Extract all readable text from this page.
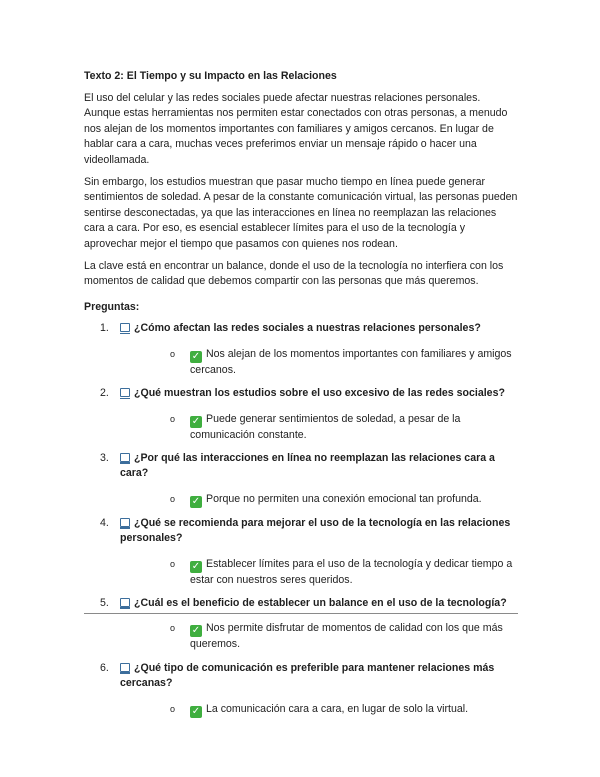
Texto 2: El Tiempo y su Impacto en las Relaciones

El uso del celular y las redes sociales puede afectar nuestras relaciones personales. Aunque estas herramientas nos permiten estar conectados con otras personas, a menudo nos alejan de los momentos importantes con familiares y amigos cercanos. En lugar de hablar cara a cara, muchas veces preferimos enviar un mensaje rápido o hacer una videollamada.

Sin embargo, los estudios muestran que pasar mucho tiempo en línea puede generar sentimientos de soledad. A pesar de la constante comunicación virtual, las personas pueden sentirse desconectadas, ya que las interacciones en línea no reemplazan las relaciones cara a cara. Por eso, es esencial establecer límites para el uso de la tecnología y aprovechar mejor el tiempo que pasamos con quienes nos rodean.

La clave está en encontrar un balance, donde el uso de la tecnología no interfiera con los momentos de calidad que debemos compartir con las personas que más queremos.

Preguntas:
1.	¿Cómo afectan las redes sociales a nuestras relaciones personales?
o ✓ Nos alejan de los momentos importantes con familiares y amigos cercanos.
2.	¿Qué muestran los estudios sobre el uso excesivo de las redes sociales?
o ✓ Puede generar sentimientos de soledad, a pesar de la comunicación constante.
3.	¿Por qué las interacciones en línea no reemplazan las relaciones cara a cara?
o ✓ Porque no permiten una conexión emocional tan profunda.
4.	¿Qué se recomienda para mejorar el uso de la tecnología en las relaciones personales?
o ✓ Establecer límites para el uso de la tecnología y dedicar tiempo a estar con nuestros seres queridos.
5.	¿Cuál es el beneficio de establecer un balance en el uso de la tecnología?
o ✓ Nos permite disfrutar de momentos de calidad con los que más queremos.
6.	¿Qué tipo de comunicación es preferible para mantener relaciones más cercanas?
o ✓ La comunicación cara a cara, en lugar de solo la virtual.
